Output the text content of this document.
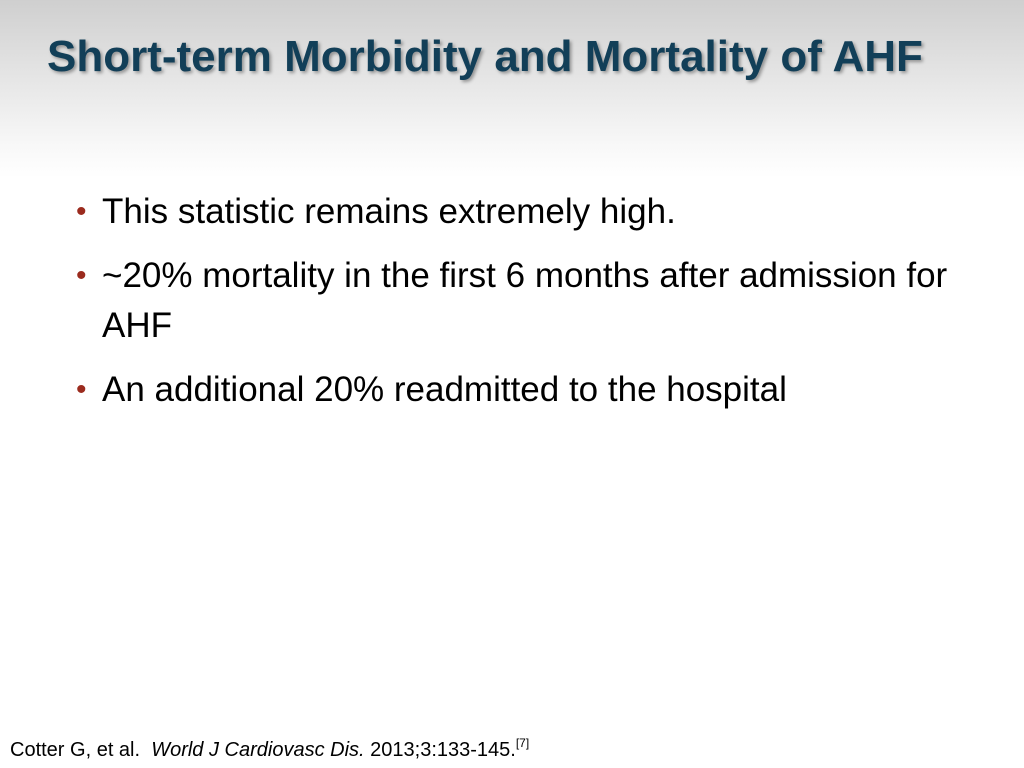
Short-term Morbidity and Mortality of AHF
• This statistic remains extremely high.
• ~20% mortality in the first 6 months after admission for AHF
• An additional 20% readmitted to the hospital
Cotter G, et al. World J Cardiovasc Dis. 2013;3:133-145.[7]
